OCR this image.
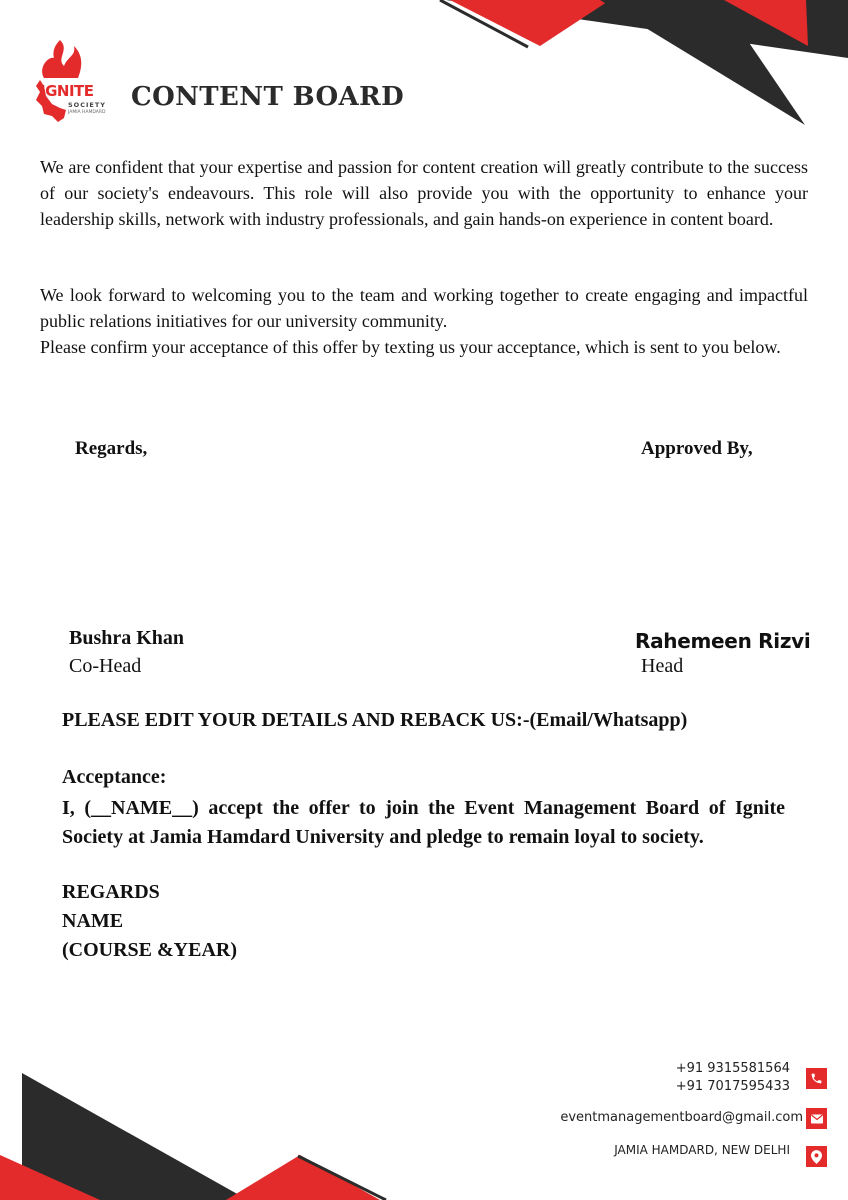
IGNITE
SOCIETY
JAMIA HAMDARD
CONTENT BOARD

We are confident that your expertise and passion for content creation will greatly contribute to the success of our society's endeavours. This role will also provide you with the opportunity to enhance your leadership skills, network with industry professionals, and gain hands-on experience in content board.

We look forward to welcoming you to the team and working together to create engaging and impactful public relations initiatives for our university community.

Please confirm your acceptance of this offer by texting us your acceptance, which is sent to you below.

Regards,	Approved By,
Bushra Khan
Co-Head
Rahemeen Rizvi
Head

PLEASE EDIT YOUR DETAILS AND REBACK US:-(Email/Whatsapp)

Acceptance:

I, (__NAME__) accept the offer to join the Event Management Board of Ignite Society at Jamia Hamdard University and pledge to remain loyal to society.

REGARDS

NAME

(COURSE &YEAR)

+91 9315581564
+91 7017595433
eventmanagementboard@gmail.com
JAMIA HAMDARD, NEW DELHI
